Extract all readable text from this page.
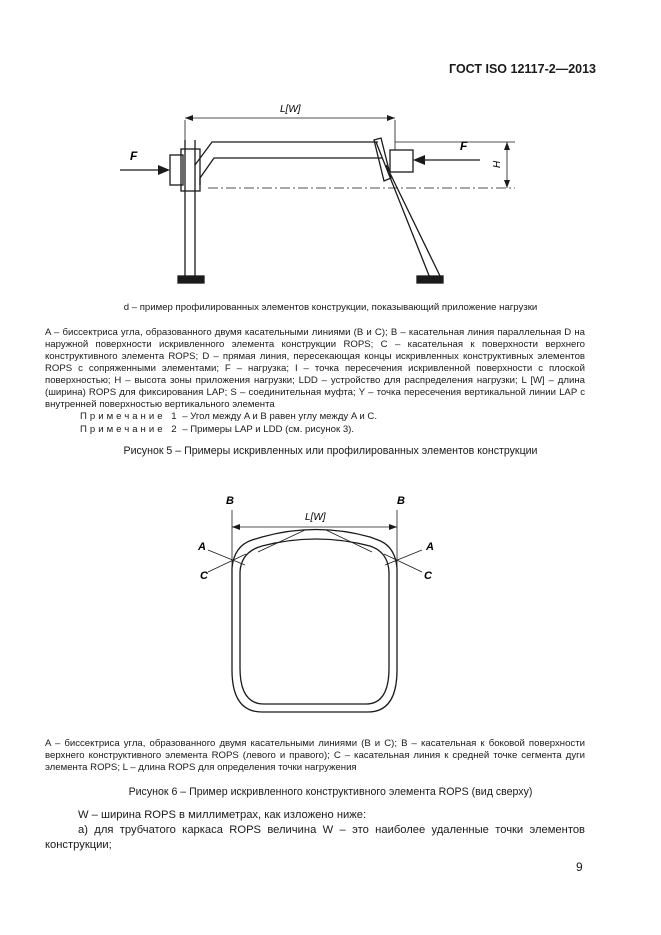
ГОСТ ISO 12117-2—2013
L[W]
F
F
H
d – пример профилированных элементов конструкции, показывающий приложение нагрузки

A – биссектриса угла, образованного двумя касательными линиями (B и C); B – касательная линия параллельная D на наружной поверхности искривленного элемента конструкции ROPS; C – касательная к поверхности верхнего конструктивного элемента ROPS; D – прямая линия, пересекающая концы искривленных конструктивных элементов ROPS с сопряженными элементами; F – нагрузка; I – точка пересечения искривленной поверхности с плоской поверхностью; H – высота зоны приложения нагрузки; LDD – устройство для распределения нагрузки; L [W] – длина (ширина) ROPS для фиксирования LAP; S – соединительная муфта; Y – точка пересечения вертикальной линии LAP с внутренней поверхностью вертикального элемента

Примечание 1 – Угол между A и B равен углу между A и C.
Примечание 2 – Примеры LAP и LDD (см. рисунок 3).
Рисунок 5 – Примеры искривленных или профилированных элементов конструкции
B	B
A	A
C	C
L[W]

A – биссектриса угла, образованного двумя касательными линиями (B и C); B – касательная к боковой поверхности верхнего конструктивного элемента ROPS (левого и правого); C – касательная линия к средней точке сегмента дуги элемента ROPS; L – длина ROPS для определения точки нагружения

Рисунок 6 – Пример искривленного конструктивного элемента ROPS (вид сверху)

W – ширина ROPS в миллиметрах, как изложено ниже:

а) для трубчатого каркаса ROPS величина W – это наиболее удаленные точки элементов конструкции;

9
